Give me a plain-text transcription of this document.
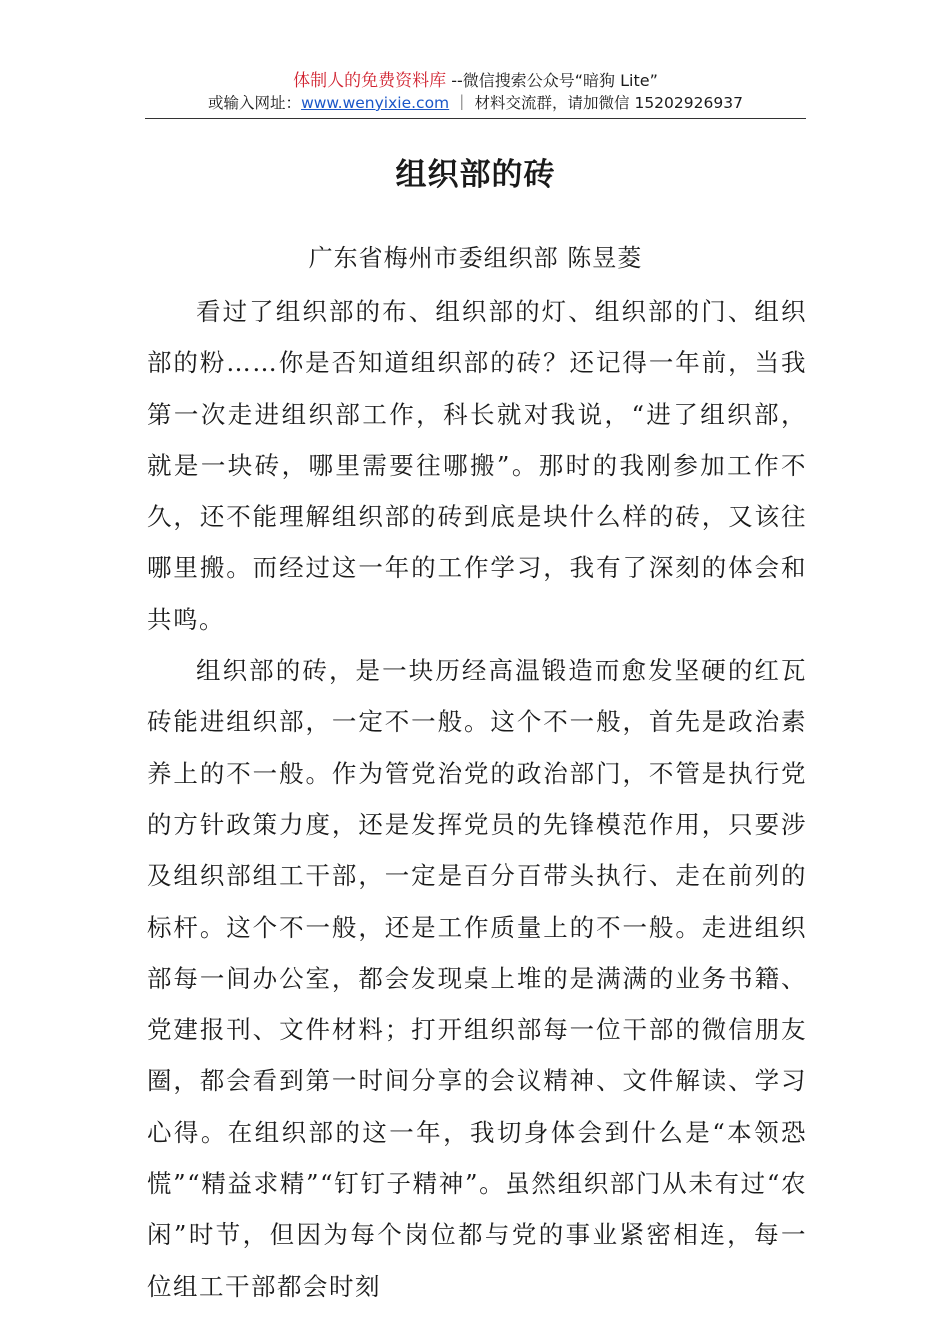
体制人的免费资料库 --微信搜索公众号“暗狗 Lite”
或输入网址：www.wenyixie.com ｜ 材料交流群，请加微信 15202926937
组织部的砖
广东省梅州市委组织部 陈昱菱

看过了组织部的布、组织部的灯、组织部的门、组织部的粉……你是否知道组织部的砖？还记得一年前，当我第一次走进组织部工作，科长就对我说，“进了组织部，就是一块砖，哪里需要往哪搬”。那时的我刚参加工作不久，还不能理解组织部的砖到底是块什么样的砖，又该往哪里搬。而经过这一年的工作学习，我有了深刻的体会和共鸣。

组织部的砖，是一块历经高温锻造而愈发坚硬的红瓦砖能进组织部，一定不一般。这个不一般，首先是政治素养上的不一般。作为管党治党的政治部门，不管是执行党的方针政策力度，还是发挥党员的先锋模范作用，只要涉及组织部组工干部，一定是百分百带头执行、走在前列的标杆。这个不一般，还是工作质量上的不一般。走进组织部每一间办公室，都会发现桌上堆的是满满的业务书籍、党建报刊、文件材料；打开组织部每一位干部的微信朋友圈，都会看到第一时间分享的会议精神、文件解读、学习心得。在组织部的这一年，我切身体会到什么是“本领恐慌”“精益求精”“钉钉子精神”。虽然组织部门从未有过“农闲”时节，但因为每个岗位都与党的事业紧密相连，每一位组工干部都会时刻
